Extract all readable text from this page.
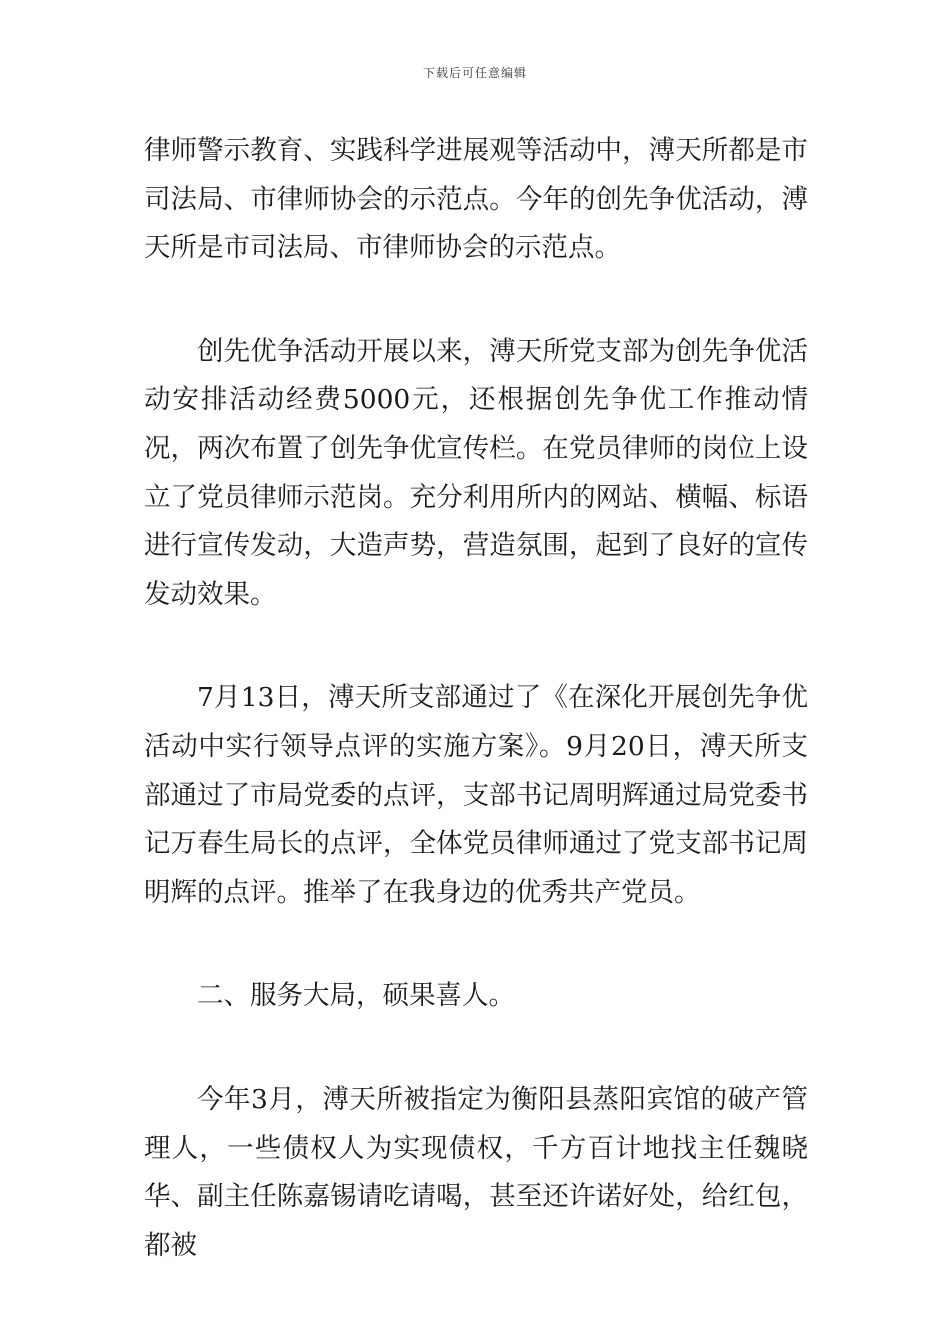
下载后可任意编辑

律师警示教育、实践科学进展观等活动中，溥天所都是市司法局、市律师协会的示范点。今年的创先争优活动，溥天所是市司法局、市律师协会的示范点。

创先优争活动开展以来，溥天所党支部为创先争优活动安排活动经费5000元，还根据创先争优工作推动情况，两次布置了创先争优宣传栏。在党员律师的岗位上设立了党员律师示范岗。充分利用所内的网站、横幅、标语进行宣传发动，大造声势，营造氛围，起到了良好的宣传发动效果。

7月13日，溥天所支部通过了《在深化开展创先争优活动中实行领导点评的实施方案》。9月20日，溥天所支部通过了市局党委的点评，支部书记周明辉通过局党委书记万春生局长的点评，全体党员律师通过了党支部书记周明辉的点评。推举了在我身边的优秀共产党员。

二、服务大局，硕果喜人。

今年3月，溥天所被指定为衡阳县蒸阳宾馆的破产管理人，一些债权人为实现债权，千方百计地找主任魏晓华、副主任陈嘉锡请吃请喝，甚至还许诺好处，给红包，都被
